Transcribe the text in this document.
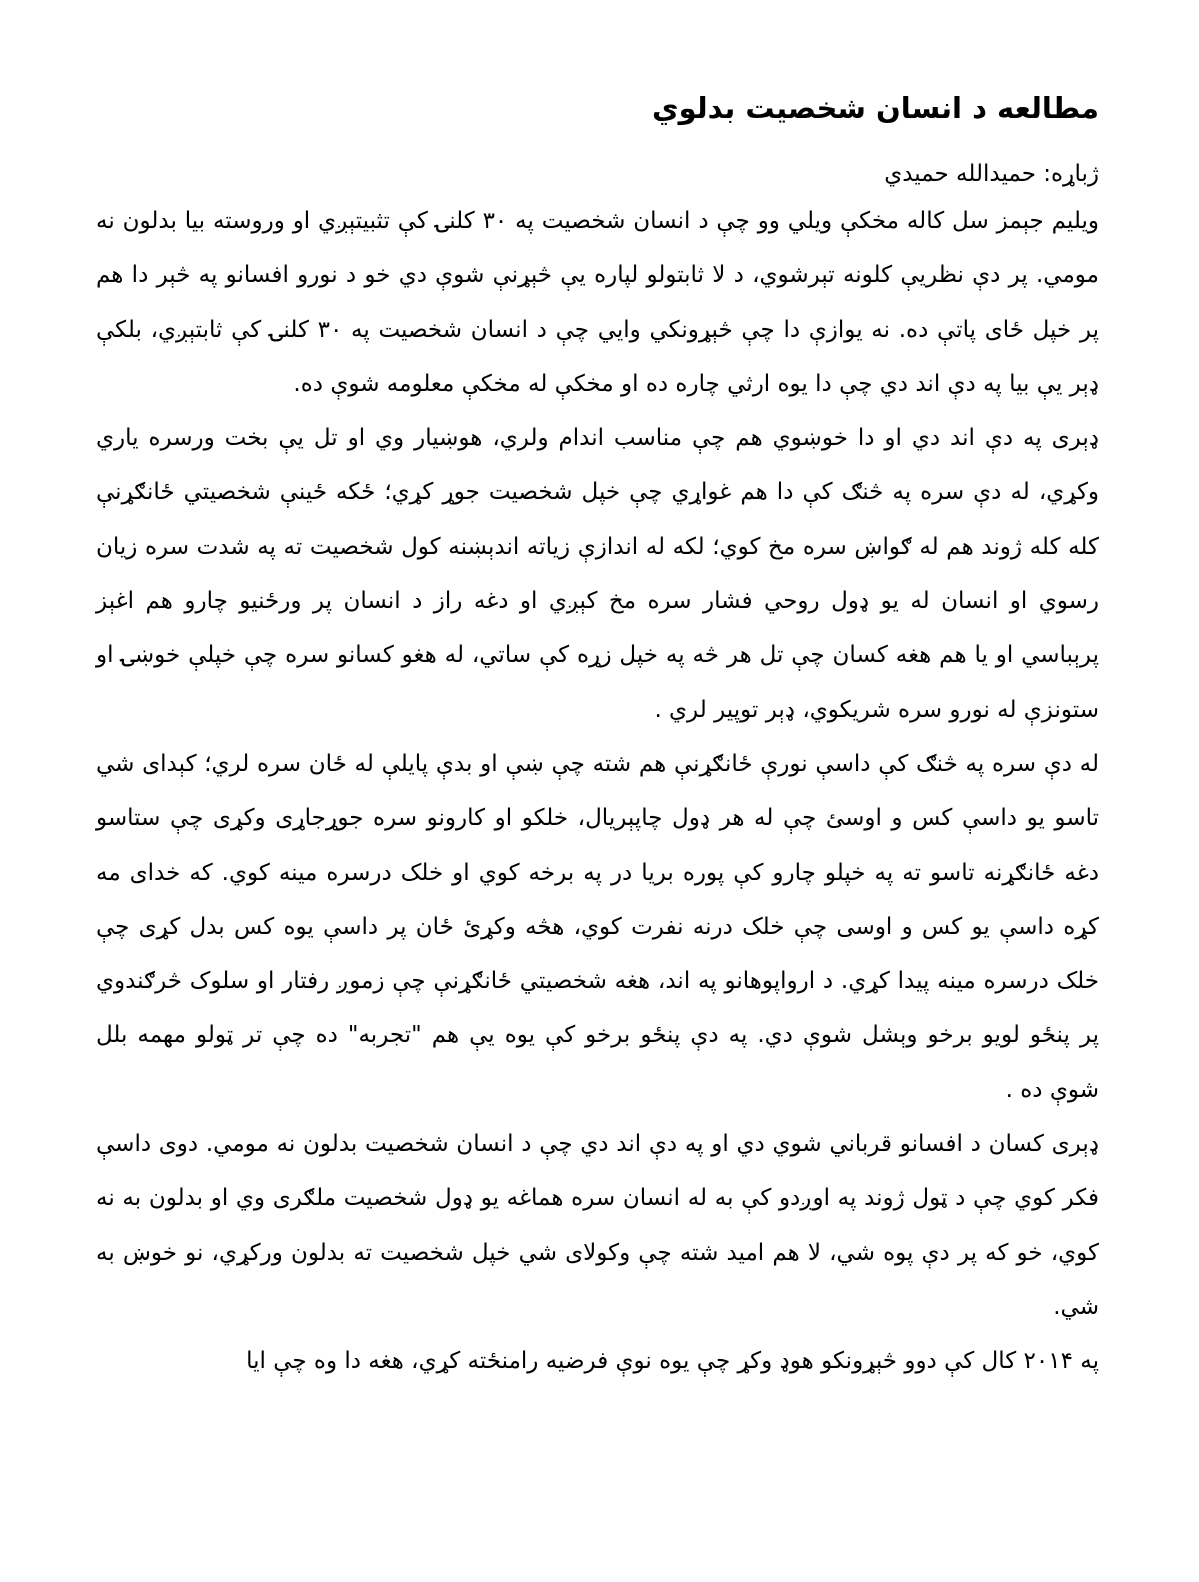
مطالعه د انسان شخصیت بدلوي

ژباړه: حمیدالله حمیدي

ویلیم جېمز سل کاله مخکې ویلي وو چې د انسان شخصیت په ۳۰ کلنۍ کې تثبیتېږي او وروسته بیا بدلون نه مومي. پر دې نظریې کلونه تېرشوي، د لا ثابتولو لپاره یې څېړنې شوې دي خو د نورو افسانو په څېر دا هم پر خپل ځای پاتې ده. نه یوازې دا چې څېړونکي وايي چې د انسان شخصیت په ۳۰ کلنۍ کې ثابتېږي، بلکې ډېر یې بیا په دې اند دي چې دا یوه ارثي چاره ده او مخکې له مخکې معلومه شوې ده.

ډېری په دې اند دي او دا خوښوي هم چې مناسب اندام ولري، هوښیار وي او تل یې بخت ورسره یاري وکړي، له دې سره په څنګ کې دا هم غواړي چې خپل شخصیت جوړ کړي؛ ځکه ځینې شخصیتي ځانګړنې کله کله ژوند هم له ګواښ سره مخ کوي؛ لکه له اندازې زیاته اندېښنه کول شخصیت ته په شدت سره زیان رسوي او انسان له یو ډول روحي فشار سره مخ کېږي او دغه راز د انسان پر ورځنیو چارو هم اغېز پرېباسي او یا هم هغه کسان چې تل هر څه په خپل زړه کې ساتي، له هغو کسانو سره چې خپلې خوښۍ او ستونزې له نورو سره شریکوي، ډېر توپیر لري .

له دې سره په څنګ کې داسې نورې ځانګړنې هم شته چې ښې او بدې پایلې له ځان سره لري؛ کېدای شي تاسو یو داسې کس و اوسئ چې له هر ډول چاپېریال، خلکو او کارونو سره جوړجاړی وکړی چې ستاسو دغه ځانګړنه تاسو ته په خپلو چارو کې پوره بریا در په برخه کوي او خلک درسره مینه کوي. که خدای مه کړه داسې یو کس و اوسی چې خلک درنه نفرت کوي، هڅه وکړئ ځان پر داسې یوه کس بدل کړی چې خلک درسره مینه پیدا کړي. د ارواپوهانو په اند، هغه شخصیتي ځانګړنې چې زموږ رفتار او سلوک څرګندوي پر پنځو لویو برخو وېشل شوې دي. په دې پنځو برخو کې یوه یې هم "تجربه" ده چې تر ټولو مهمه بلل شوې ده .

ډېری کسان د افسانو قرباني شوي دي او په دې اند دي چې د انسان شخصیت بدلون نه مومي. دوی داسې فکر کوي چې د ټول ژوند په اوږدو کې به له انسان سره هماغه یو ډول شخصیت ملګری وي او بدلون به نه کوي، خو که پر دې پوه شي، لا هم امید شته چې وکولای شي خپل شخصیت ته بدلون ورکړي، نو خوښ به شي.

په ۲۰۱۴ کال کې دوو څېړونکو هوډ وکړ چې یوه نوې فرضیه رامنځته کړي، هغه دا وه چې ایا
